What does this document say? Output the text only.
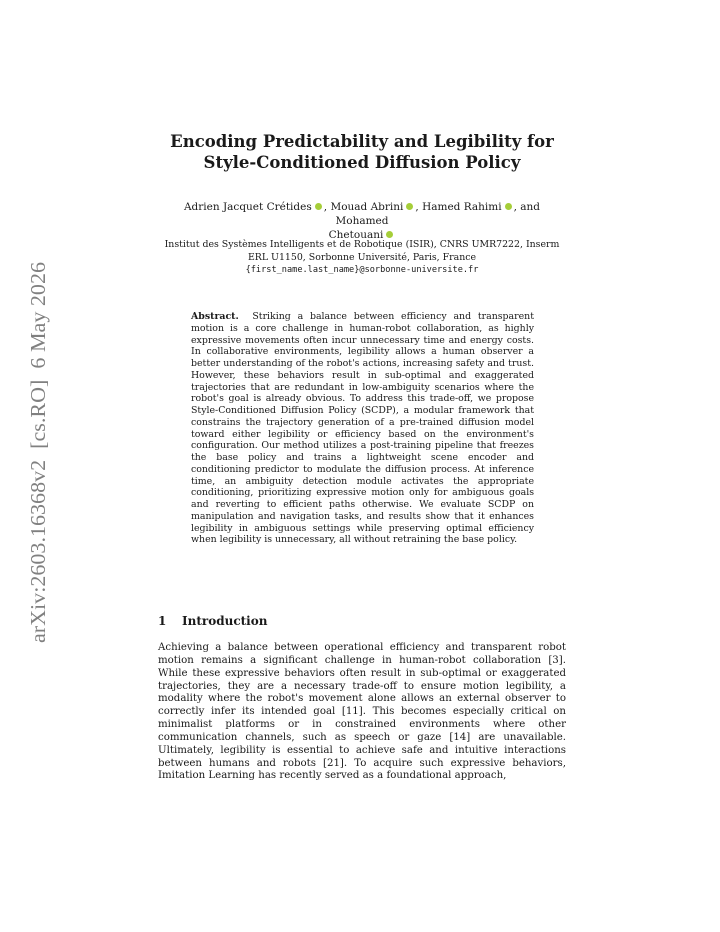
arXiv:2603.16368v2  [cs.RO]  6 May 2026
Encoding Predictability and Legibility for
Style-Conditioned Diffusion Policy
Adrien Jacquet Crétides , Mouad Abrini , Hamed Rahimi , and Mohamed
Chetouani
Institut des Systèmes Intelligents et de Robotique (ISIR), CNRS UMR7222, Inserm
ERL U1150, Sorbonne Université, Paris, France
{first_name.last_name}@sorbonne-universite.fr
Abstract. Striking a balance between efficiency and transparent motion is a core challenge in human-robot collaboration, as highly expressive movements often incur unnecessary time and energy costs. In collaborative environments, legibility allows a human observer a better understanding of the robot's actions, increasing safety and trust. However, these behaviors result in sub-optimal and exaggerated trajectories that are redundant in low-ambiguity scenarios where the robot's goal is already obvious. To address this trade-off, we propose Style-Conditioned Diffusion Policy (SCDP), a modular framework that constrains the trajectory generation of a pre-trained diffusion model toward either legibility or efficiency based on the environment's configuration. Our method utilizes a post-training pipeline that freezes the base policy and trains a lightweight scene encoder and conditioning predictor to modulate the diffusion process. At inference time, an ambiguity detection module activates the appropriate conditioning, prioritizing expressive motion only for ambiguous goals and reverting to efficient paths otherwise. We evaluate SCDP on manipulation and navigation tasks, and results show that it enhances legibility in ambiguous settings while preserving optimal efficiency when legibility is unnecessary, all without retraining the base policy.
1 Introduction
Achieving a balance between operational efficiency and transparent robot motion remains a significant challenge in human-robot collaboration [3]. While these expressive behaviors often result in sub-optimal or exaggerated trajectories, they are a necessary trade-off to ensure motion legibility, a modality where the robot's movement alone allows an external observer to correctly infer its intended goal [11]. This becomes especially critical on minimalist platforms or in constrained environments where other communication channels, such as speech or gaze [14] are unavailable. Ultimately, legibility is essential to achieve safe and intuitive interactions between humans and robots [21]. To acquire such expressive behaviors, Imitation Learning has recently served as a foundational approach,
